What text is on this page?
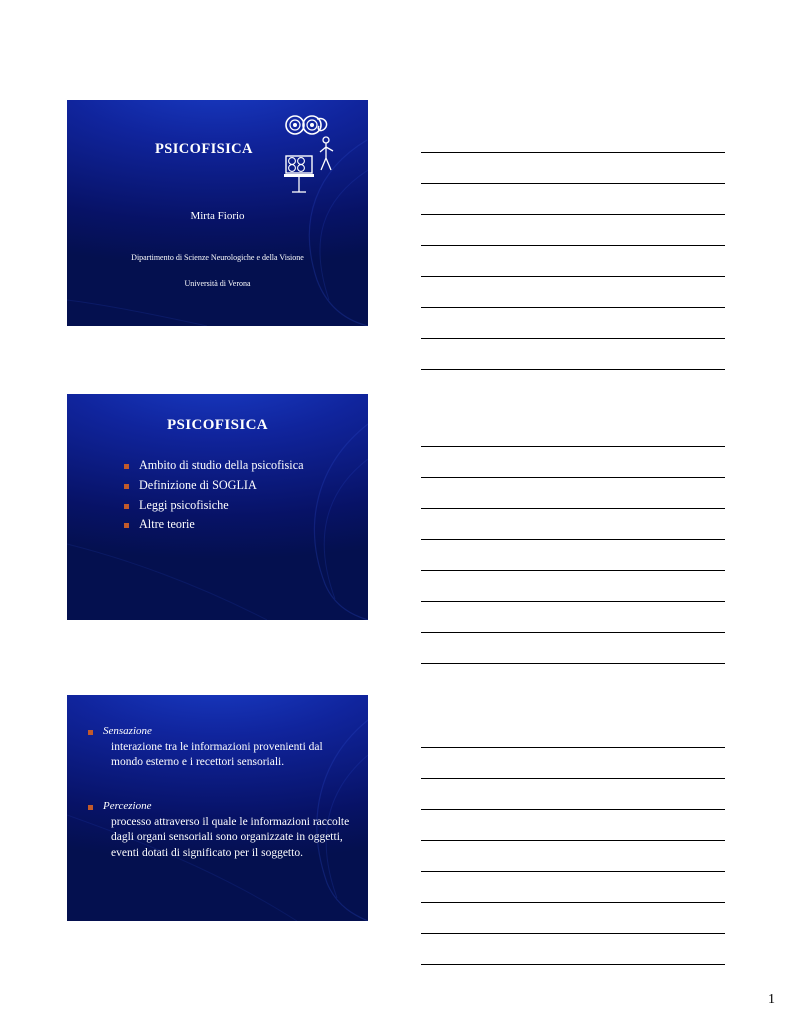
PSICOFISICA
Mirta Fiorio
Dipartimento di Scienze Neurologiche e della Visione
Università di Verona
PSICOFISICA
Ambito di studio della psicofisica
Definizione di SOGLIA
Leggi psicofisiche
Altre teorie
Sensazione
interazione tra le informazioni provenienti dal mondo esterno e i recettori sensoriali.
Percezione
processo attraverso il quale le informazioni raccolte dagli organi sensoriali sono organizzate in oggetti, eventi dotati di significato per il soggetto.
1
